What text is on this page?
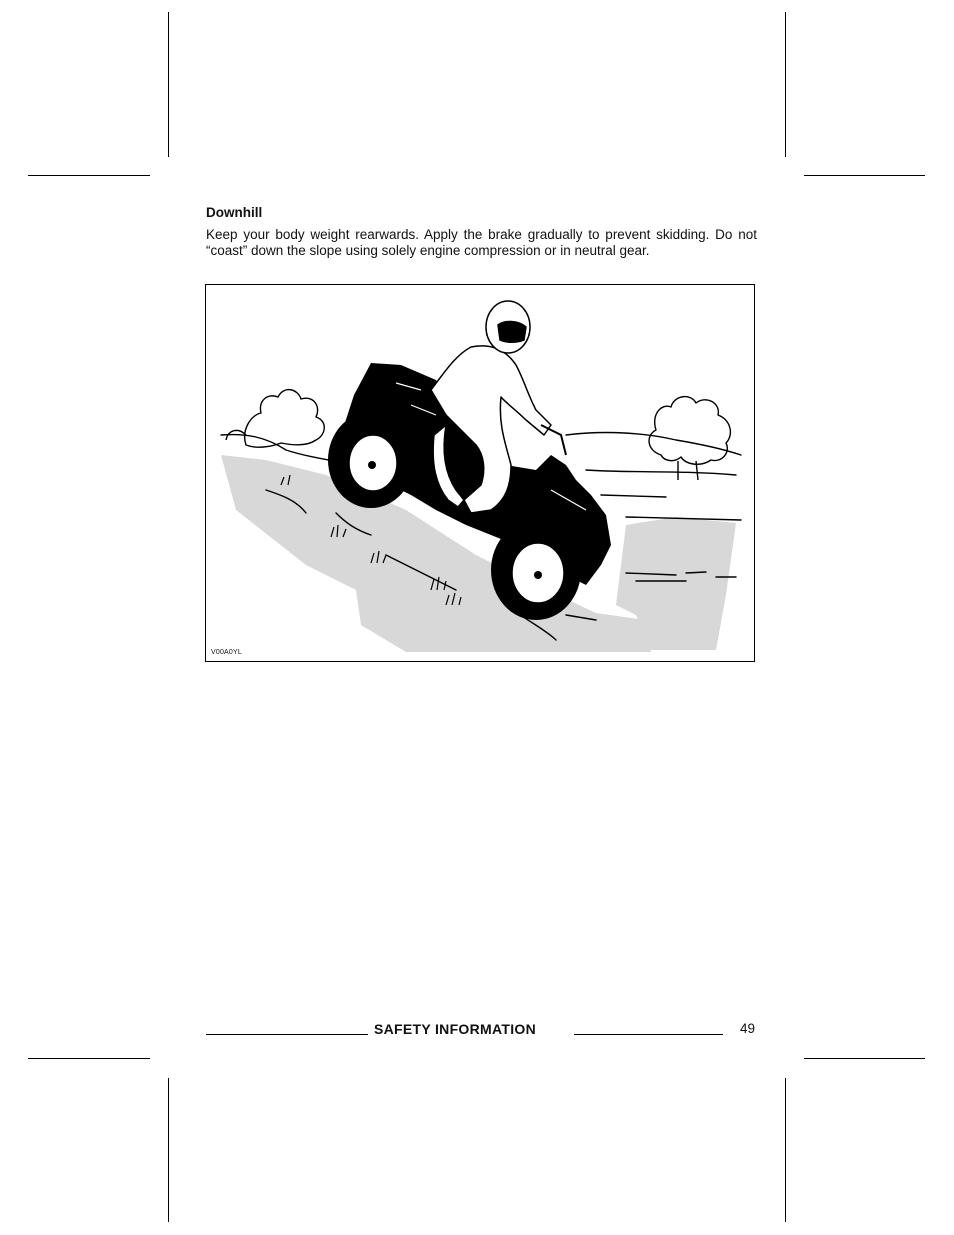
Downhill

Keep your body weight rearwards. Apply the brake gradually to prevent skidding. Do not “coast” down the slope using solely engine compression or in neutral gear.

V00A0YL
SAFETY INFORMATION	49
